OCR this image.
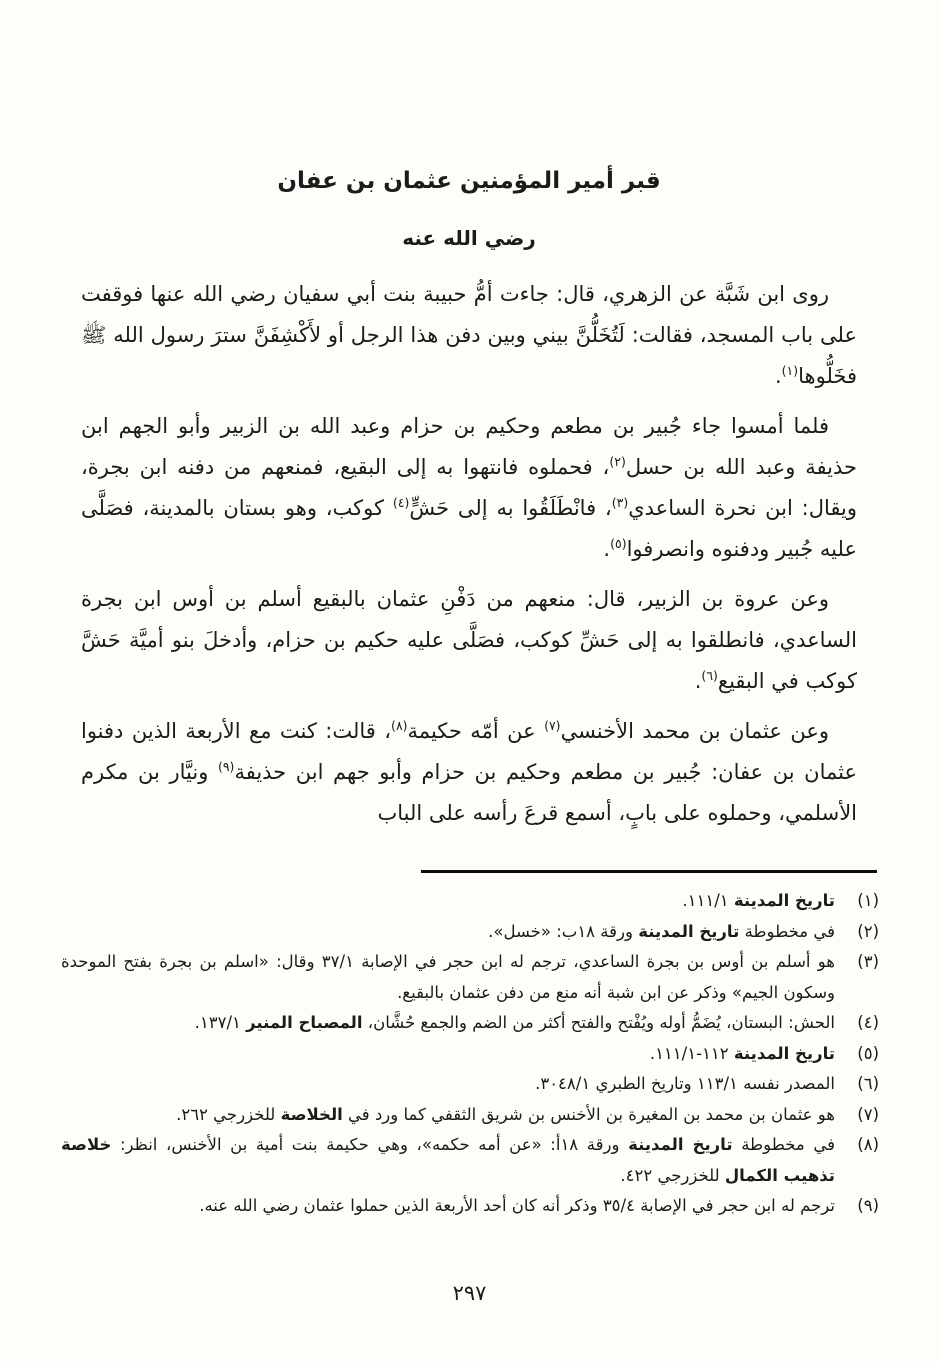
قبر أمير المؤمنين عثمان بن عفان
رضي الله عنه

روى ابن شَبَّة عن الزهري، قال: جاءت أمُّ حبيبة بنت أبي سفيان رضي الله عنها فوقفت على باب المسجد، فقالت: لَتُخَلُّنَّ بيني وبين دفن هذا الرجل أو لأَكْشِفَنَّ سترَ رسول الله ﷺ فخَلُّوها$^{(١)}$.

فلما أمسوا جاء جُبير بن مطعم وحكيم بن حزام وعبد الله بن الزبير وأبو الجهم ابن حذيفة وعبد الله بن حسل$^{(٢)}$، فحملوه فانتهوا به إلى البقيع، فمنعهم من دفنه ابن بجرة، ويقال: ابن نحرة الساعدي$^{(٣)}$، فانْطَلَقُوا به إلى حَشٍّ$^{(٤)}$ كوكب، وهو بستان بالمدينة، فصَلَّى عليه جُبير ودفنوه وانصرفوا$^{(٥)}$.

وعن عروة بن الزبير، قال: منعهم من دَفْنِ عثمان بالبقيع أسلم بن أوس ابن بجرة الساعدي، فانطلقوا به إلى حَشِّ كوكب، فصَلَّى عليه حكيم بن حزام، وأدخلَ بنو أميَّة حَشَّ كوكب في البقيع$^{(٦)}$.

وعن عثمان بن محمد الأخنسي$^{(٧)}$ عن أمّه حكيمة$^{(٨)}$، قالت: كنت مع الأربعة الذين دفنوا عثمان بن عفان: جُبير بن مطعم وحكيم بن حزام وأبو جهم ابن حذيفة$^{(٩)}$ ونيَّار بن مكرم الأسلمي، وحملوه على بابٍ، أسمع قرعَ رأسه على الباب

(١)
تاريخ المدينة ١١١/١.
(٢)
في مخطوطة تاريخ المدينة ورقة ١٨ب: «خسل».
(٣)
هو أسلم بن أوس بن بجرة الساعدي، ترجم له ابن حجر في الإصابة ٣٧/١ وقال: «اسلم بن بجرة بفتح الموحدة وسكون الجيم» وذكر عن ابن شبة أنه منع من دفن عثمان بالبقيع.
(٤)
الحش: البستان، يُضَمُّ أوله ويُفْتح والفتح أكثر من الضم والجمع حُشَّان، المصباح المنير ١٣٧/١.
(٥)
تاريخ المدينة ١١٢-١١١/١.
(٦)
المصدر نفسه ١١٣/١ وتاريخ الطبري ٣٠٤٨/١.
(٧)
هو عثمان بن محمد بن المغيرة بن الأخنس بن شريق الثقفي كما ورد في الخلاصة للخزرجي ٢٦٢.
(٨)
في مخطوطة تاريخ المدينة ورقة ١٨أ: «عن أمه حكمه»، وهي حكيمة بنت أمية بن الأخنس، انظر: خلاصة تذهيب الكمال للخزرجي ٤٢٢.
(٩)
ترجم له ابن حجر في الإصابة ٣٥/٤ وذكر أنه كان أحد الأربعة الذين حملوا عثمان رضي الله عنه.
٢٩٧
